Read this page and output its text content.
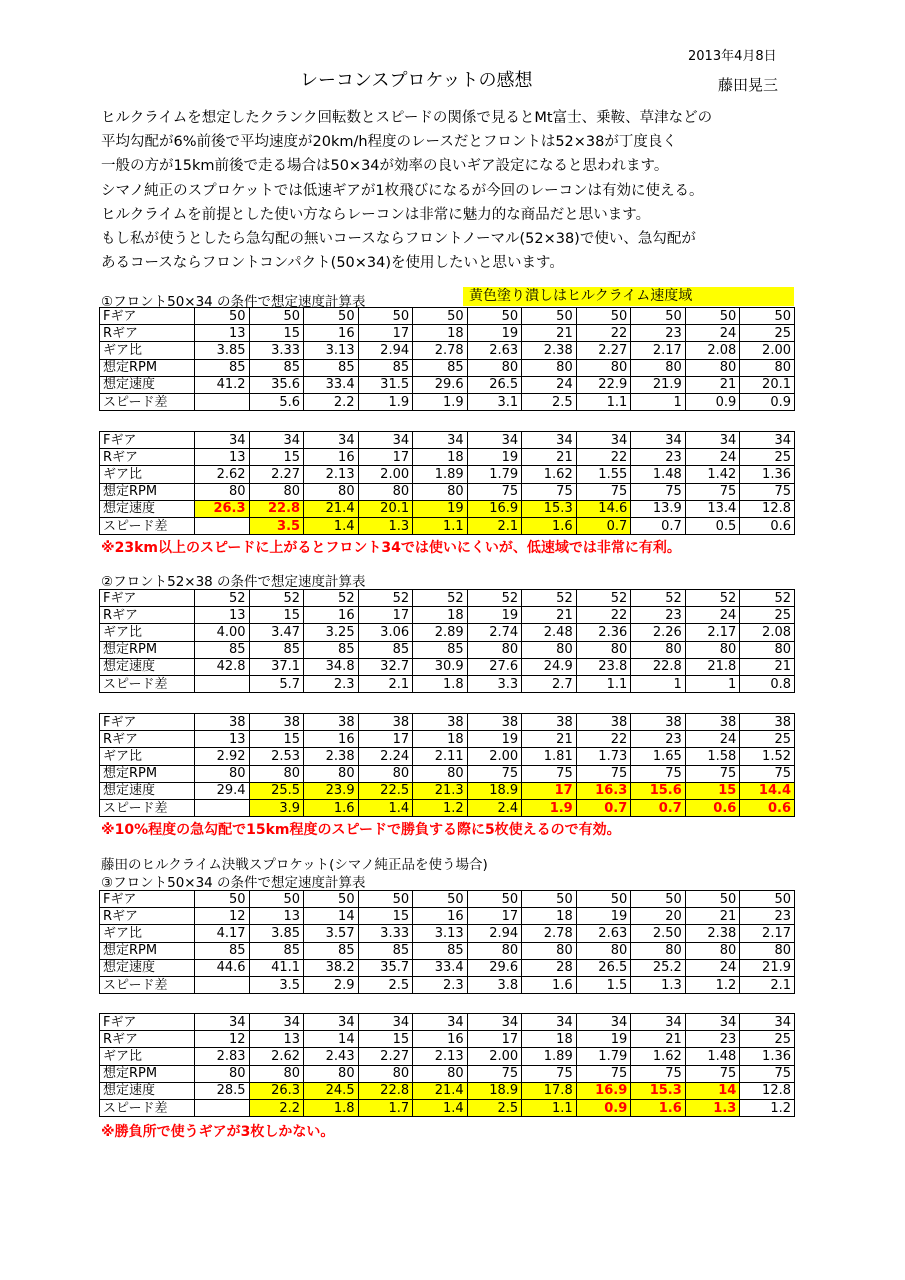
2013年4月8日
レーコンスプロケットの感想	藤田晃三
ヒルクライムを想定したクランク回転数とスピードの関係で見るとMt富士、乗鞍、草津などの
平均勾配が6%前後で平均速度が20km/h程度のレースだとフロントは52×38が丁度良く
一般の方が15km前後で走る場合は50×34が効率の良いギア設定になると思われます。
シマノ純正のスプロケットでは低速ギアが1枚飛びになるが今回のレーコンは有効に使える。
ヒルクライムを前提とした使い方ならレーコンは非常に魅力的な商品だと思います。
もし私が使うとしたら急勾配の無いコースならフロントノーマル(52×38)で使い、急勾配が
あるコースならフロントコンパクト(50×34)を使用したいと思います。
①フロント50×34 の条件で想定速度計算表	黄色塗り潰しはヒルクライム速度域
Fギア	50	50	50	50	50	50	50	50	50	50	50
Rギア	13	15	16	17	18	19	21	22	23	24	25
ギア比	3.85	3.33	3.13	2.94	2.78	2.63	2.38	2.27	2.17	2.08	2.00
想定RPM	85	85	85	85	85	80	80	80	80	80	80
想定速度	41.2	35.6	33.4	31.5	29.6	26.5	24	22.9	21.9	21	20.1
スピード差		5.6	2.2	1.9	1.9	3.1	2.5	1.1	1	0.9	0.9
Fギア	34	34	34	34	34	34	34	34	34	34	34
Rギア	13	15	16	17	18	19	21	22	23	24	25
ギア比	2.62	2.27	2.13	2.00	1.89	1.79	1.62	1.55	1.48	1.42	1.36
想定RPM	80	80	80	80	80	75	75	75	75	75	75
想定速度	26.3	22.8	21.4	20.1	19	16.9	15.3	14.6	13.9	13.4	12.8
スピード差		3.5	1.4	1.3	1.1	2.1	1.6	0.7	0.7	0.5	0.6
※23km以上のスピードに上がるとフロント34では使いにくいが、低速域では非常に有利。
②フロント52×38 の条件で想定速度計算表
Fギア	52	52	52	52	52	52	52	52	52	52	52
Rギア	13	15	16	17	18	19	21	22	23	24	25
ギア比	4.00	3.47	3.25	3.06	2.89	2.74	2.48	2.36	2.26	2.17	2.08
想定RPM	85	85	85	85	85	80	80	80	80	80	80
想定速度	42.8	37.1	34.8	32.7	30.9	27.6	24.9	23.8	22.8	21.8	21
スピード差		5.7	2.3	2.1	1.8	3.3	2.7	1.1	1	1	0.8
Fギア	38	38	38	38	38	38	38	38	38	38	38
Rギア	13	15	16	17	18	19	21	22	23	24	25
ギア比	2.92	2.53	2.38	2.24	2.11	2.00	1.81	1.73	1.65	1.58	1.52
想定RPM	80	80	80	80	80	75	75	75	75	75	75
想定速度	29.4	25.5	23.9	22.5	21.3	18.9	17	16.3	15.6	15	14.4
スピード差		3.9	1.6	1.4	1.2	2.4	1.9	0.7	0.7	0.6	0.6
※10%程度の急勾配で15km程度のスピードで勝負する際に5枚使えるので有効。
藤田のヒルクライム決戦スプロケット(シマノ純正品を使う場合)
③フロント50×34 の条件で想定速度計算表
Fギア	50	50	50	50	50	50	50	50	50	50	50
Rギア	12	13	14	15	16	17	18	19	20	21	23
ギア比	4.17	3.85	3.57	3.33	3.13	2.94	2.78	2.63	2.50	2.38	2.17
想定RPM	85	85	85	85	85	80	80	80	80	80	80
想定速度	44.6	41.1	38.2	35.7	33.4	29.6	28	26.5	25.2	24	21.9
スピード差		3.5	2.9	2.5	2.3	3.8	1.6	1.5	1.3	1.2	2.1
Fギア	34	34	34	34	34	34	34	34	34	34	34
Rギア	12	13	14	15	16	17	18	19	21	23	25
ギア比	2.83	2.62	2.43	2.27	2.13	2.00	1.89	1.79	1.62	1.48	1.36
想定RPM	80	80	80	80	80	75	75	75	75	75	75
想定速度	28.5	26.3	24.5	22.8	21.4	18.9	17.8	16.9	15.3	14	12.8
スピード差		2.2	1.8	1.7	1.4	2.5	1.1	0.9	1.6	1.3	1.2
※勝負所で使うギアが3枚しかない。
